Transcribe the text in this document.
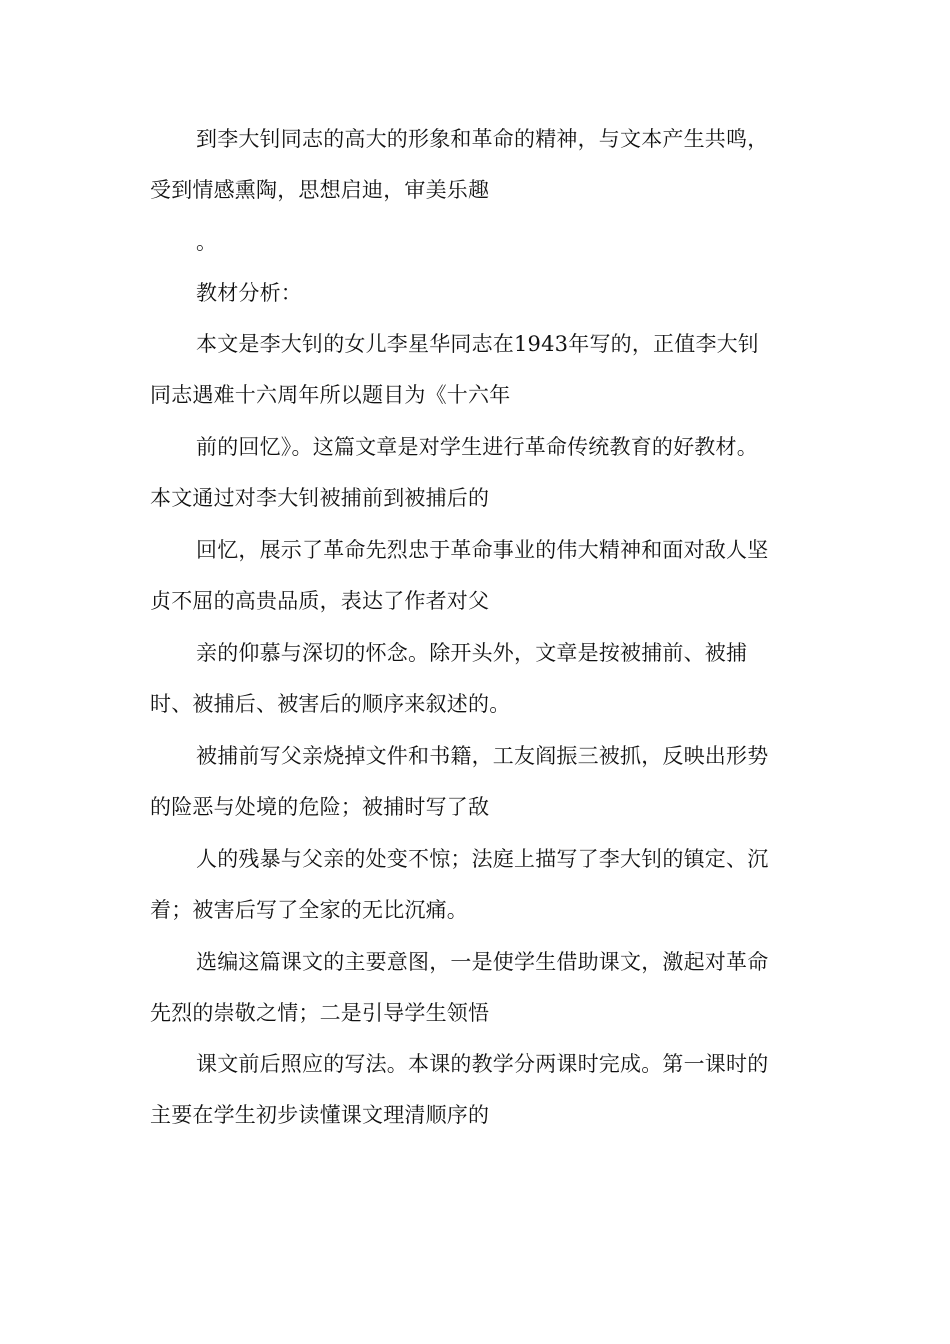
到李大钊同志的高大的形象和革命的精神，与文本产生共鸣，
受到情感熏陶，思想启迪，审美乐趣
。
教材分析：
本文是李大钊的女儿李星华同志在1943年写的，正值李大钊
同志遇难十六周年所以题目为《十六年
前的回忆》。这篇文章是对学生进行革命传统教育的好教材。
本文通过对李大钊被捕前到被捕后的
回忆，展示了革命先烈忠于革命事业的伟大精神和面对敌人坚
贞不屈的高贵品质，表达了作者对父
亲的仰慕与深切的怀念。除开头外，文章是按被捕前、被捕
时、被捕后、被害后的顺序来叙述的。
被捕前写父亲烧掉文件和书籍，工友阎振三被抓，反映出形势
的险恶与处境的危险；被捕时写了敌
人的残暴与父亲的处变不惊；法庭上描写了李大钊的镇定、沉
着；被害后写了全家的无比沉痛。
选编这篇课文的主要意图，一是使学生借助课文，激起对革命
先烈的崇敬之情；二是引导学生领悟
课文前后照应的写法。本课的教学分两课时完成。第一课时的
主要在学生初步读懂课文理清顺序的
